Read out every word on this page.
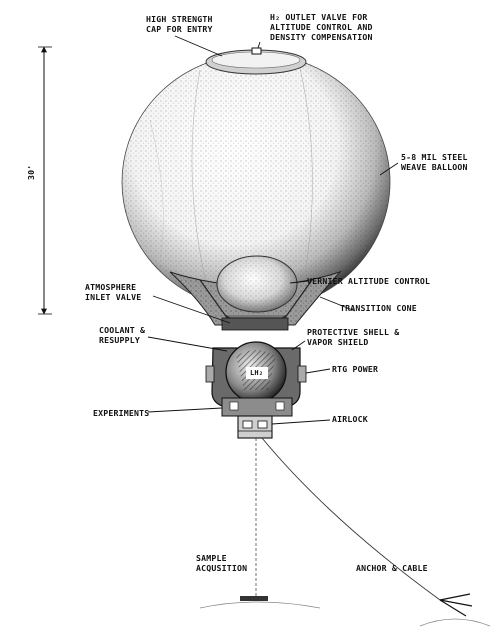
HIGH STRENGTH
CAP FOR ENTRY
H₂ OUTLET VALVE FOR
ALTITUDE CONTROL AND
DENSITY COMPENSATION
5-8 MIL STEEL
WEAVE BALLOON
30'
VERNIER ALTITUDE CONTROL
ATMOSPHERE
INLET VALVE
TRANSITION CONE
COOLANT &
RESUPPLY
PROTECTIVE SHELL &
VAPOR SHIELD
LH₂	RTG POWER
EXPERIMENTS
AIRLOCK
SAMPLE
ACQUSITION	ANCHOR & CABLE
